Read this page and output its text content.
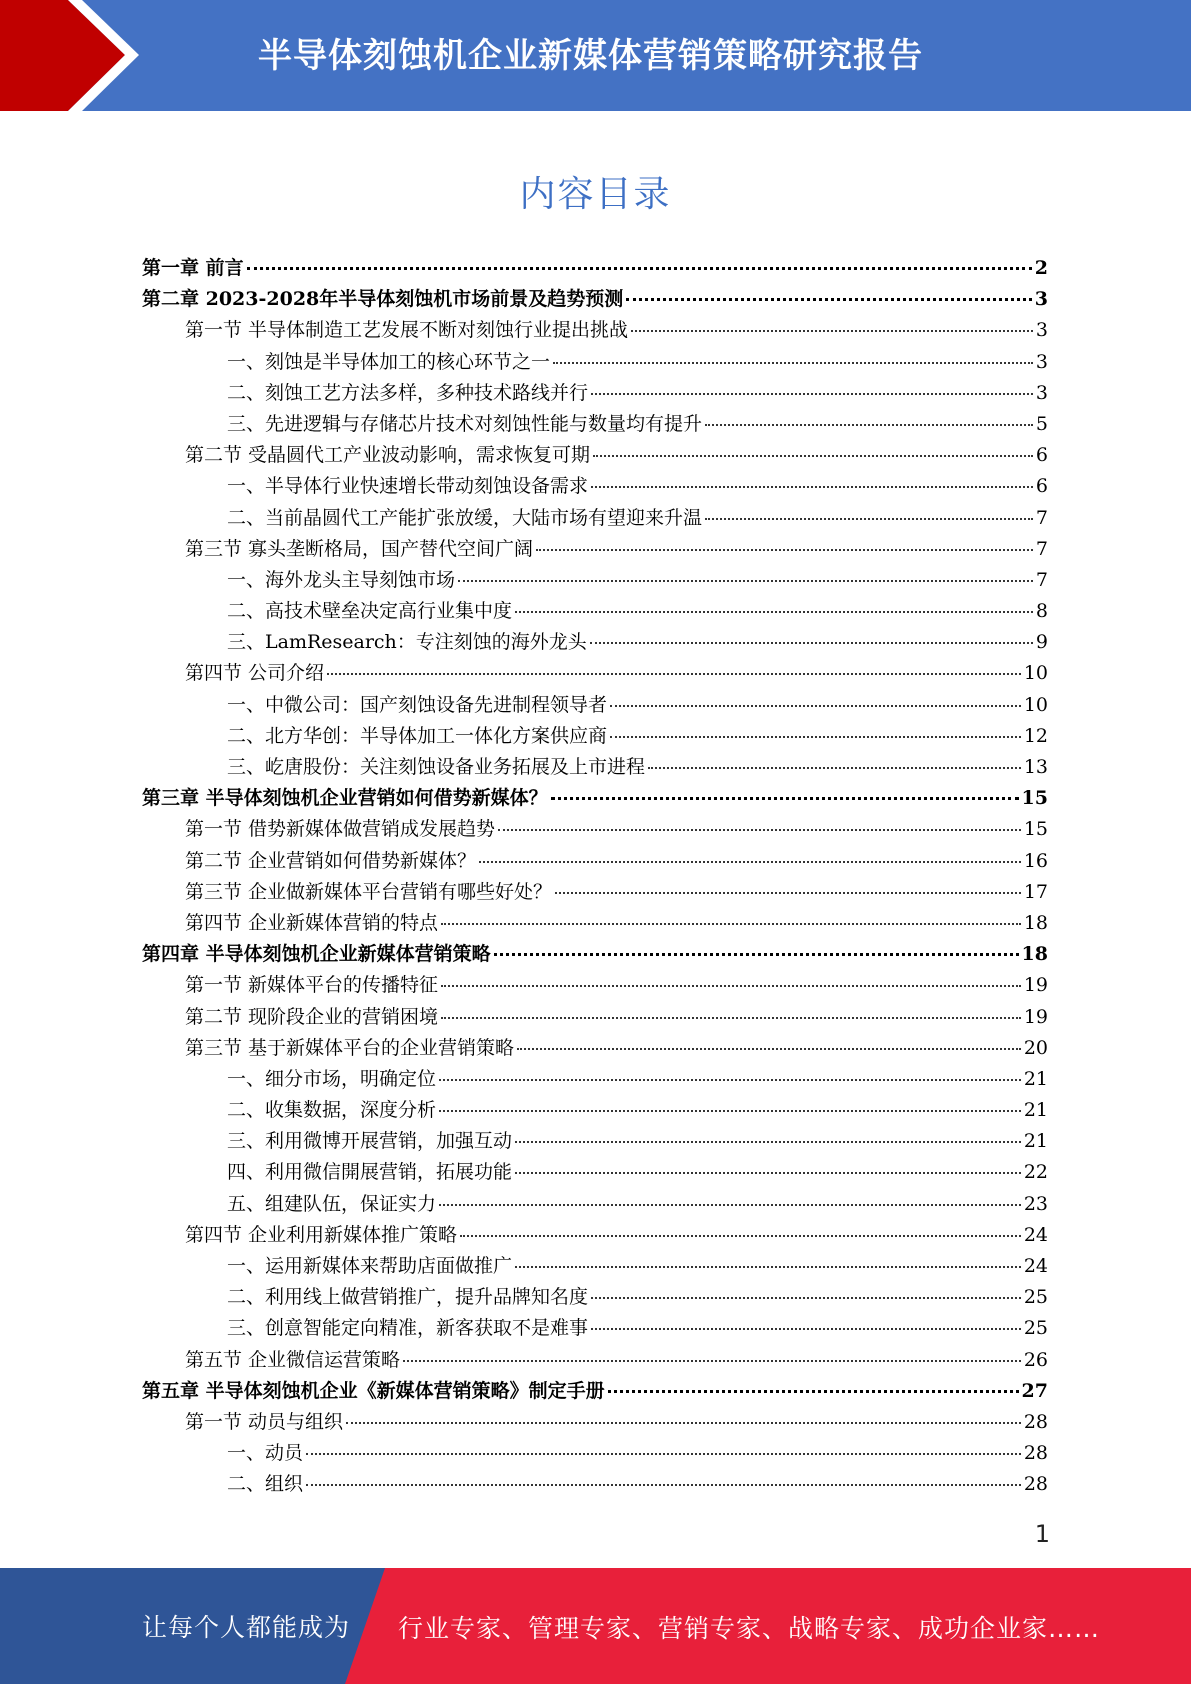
半导体刻蚀机企业新媒体营销策略研究报告
内容目录
第一章 前言	2
第二章 2023-2028年半导体刻蚀机市场前景及趋势预测	3
第一节 半导体制造工艺发展不断对刻蚀行业提出挑战	3
一、刻蚀是半导体加工的核心环节之一	3
二、刻蚀工艺方法多样，多种技术路线并行	3
三、先进逻辑与存储芯片技术对刻蚀性能与数量均有提升	5
第二节 受晶圆代工产业波动影响，需求恢复可期	6
一、半导体行业快速增长带动刻蚀设备需求	6
二、当前晶圆代工产能扩张放缓，大陆市场有望迎来升温	7
第三节 寡头垄断格局，国产替代空间广阔	7
一、海外龙头主导刻蚀市场	7
二、高技术壁垒决定高行业集中度	8
三、LamResearch：专注刻蚀的海外龙头	9
第四节 公司介绍	10
一、中微公司：国产刻蚀设备先进制程领导者	10
二、北方华创：半导体加工一体化方案供应商	12
三、屹唐股份：关注刻蚀设备业务拓展及上市进程	13
第三章 半导体刻蚀机企业营销如何借势新媒体？	15
第一节 借势新媒体做营销成发展趋势	15
第二节 企业营销如何借势新媒体？	16
第三节 企业做新媒体平台营销有哪些好处？	17
第四节 企业新媒体营销的特点	18
第四章 半导体刻蚀机企业新媒体营销策略	18
第一节 新媒体平台的传播特征	19
第二节 现阶段企业的营销困境	19
第三节 基于新媒体平台的企业营销策略	20
一、细分市场，明确定位	21
二、收集数据，深度分析	21
三、利用微博开展营销，加强互动	21
四、利用微信開展营销，拓展功能	22
五、组建队伍，保证实力	23
第四节 企业利用新媒体推广策略	24
一、运用新媒体来帮助店面做推广	24
二、利用线上做营销推广，提升品牌知名度	25
三、创意智能定向精准，新客获取不是难事	25
第五节 企业微信运营策略	26
第五章 半导体刻蚀机企业《新媒体营销策略》制定手册	27
第一节 动员与组织	28
一、动员	28
二、组织	28
1
让每个人都能成为 行业专家、管理专家、营销专家、战略专家、成功企业家……
